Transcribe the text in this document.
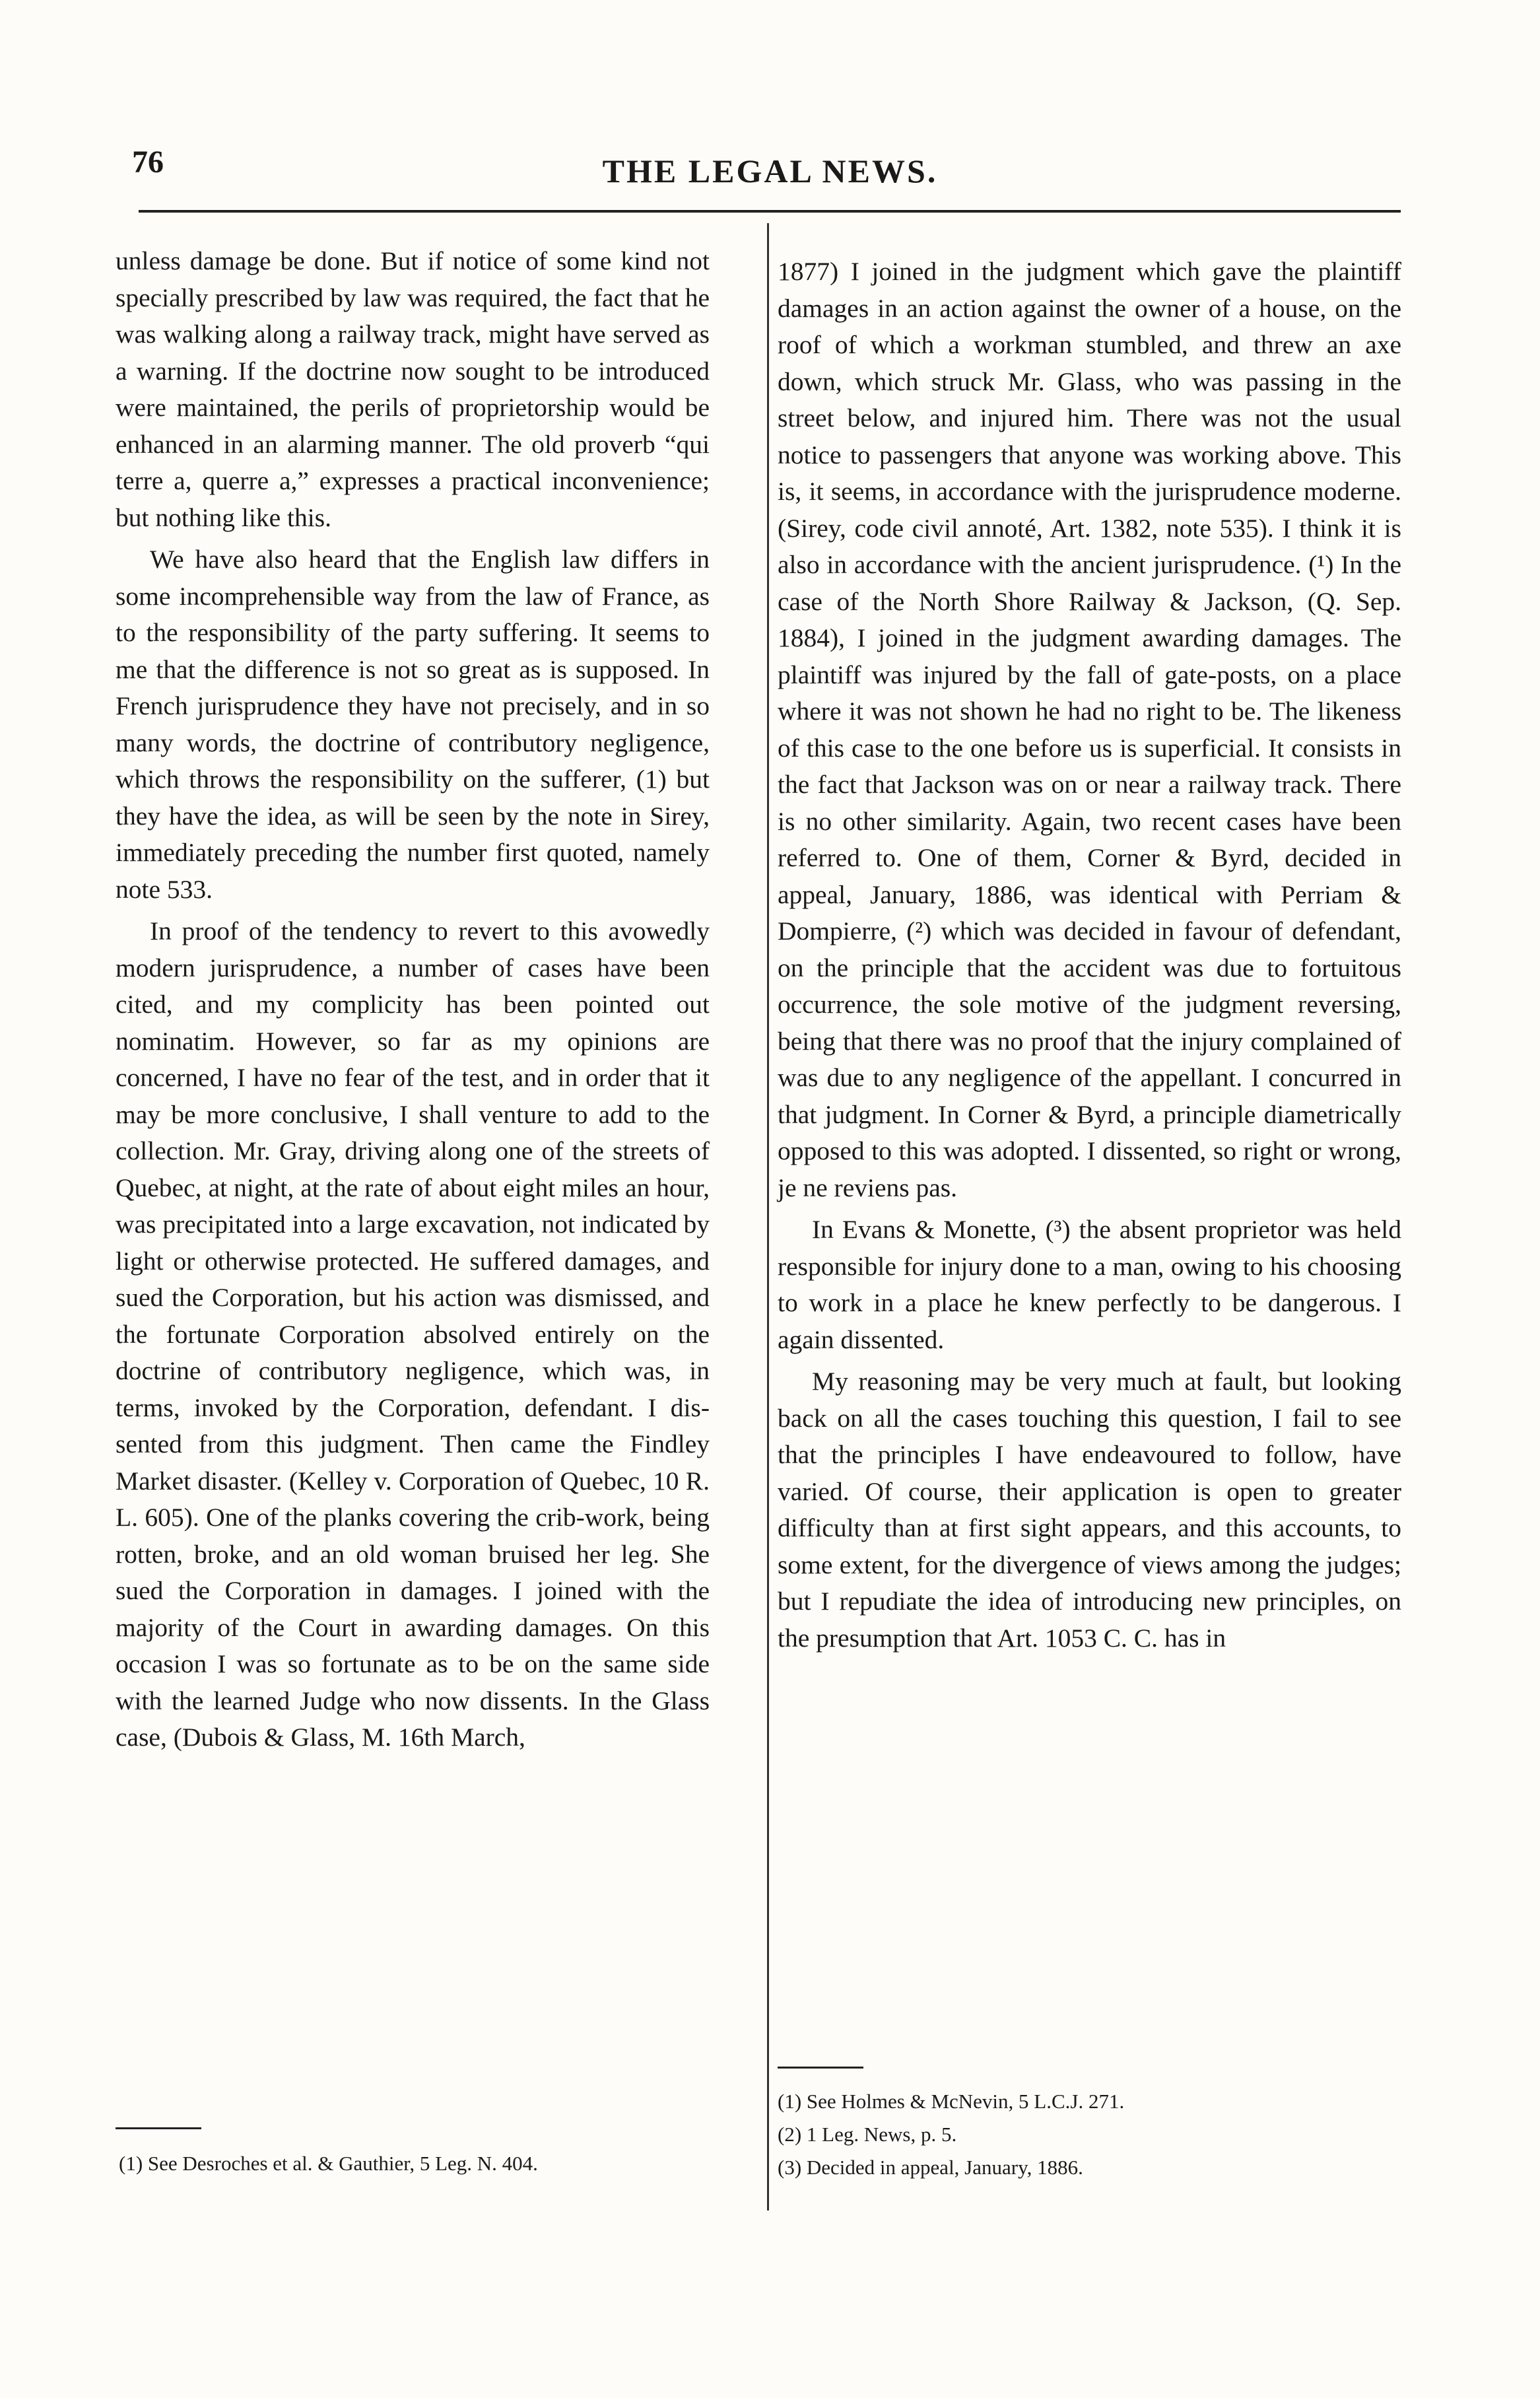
76	THE LEGAL NEWS.

unless damage be done. But if notice of some kind not specially prescribed by law was required, the fact that he was walking along a railway track, might have served as a warning. If the doctrine now sought to be introduced were maintained, the perils of proprietorship would be enhanced in an alarming manner. The old proverb “qui terre a, querre a,” expresses a practical inconvenience; but nothing like this.

We have also heard that the English law differs in some incomprehensible way from the law of France, as to the responsibility of the party suffering. It seems to me that the difference is not so great as is supposed. In French jurisprudence they have not precisely, and in so many words, the doctrine of contributory negligence, which throws the responsibility on the sufferer, (1) but they have the idea, as will be seen by the note in Sirey, immediately preceding the number first quoted, namely note 533.

In proof of the tendency to revert to this avowedly modern jurisprudence, a number of cases have been cited, and my complicity has been pointed out nominatim. However, so far as my opinions are concerned, I have no fear of the test, and in order that it may be more conclusive, I shall venture to add to the collection. Mr. Gray, driving along one of the streets of Quebec, at night, at the rate of about eight miles an hour, was precipitated into a large excavation, not indicated by light or otherwise protected. He suffered damages, and sued the Corporation, but his action was dismissed, and the fortunate Corporation absolved entirely on the doctrine of contributory negligence, which was, in terms, invoked by the Corporation, defendant. I dissented from this judgment. Then came the Findley Market disaster. (Kelley v. Corporation of Quebec, 10 R. L. 605). One of the planks covering the crib-work, being rotten, broke, and an old woman bruised her leg. She sued the Corporation in damages. I joined with the majority of the Court in awarding damages. On this occasion I was so fortunate as to be on the same side with the learned Judge who now dissents. In the Glass case, (Dubois & Glass, M. 16th March,

1877) I joined in the judgment which gave the plaintiff damages in an action against the owner of a house, on the roof of which a workman stumbled, and threw an axe down, which struck Mr. Glass, who was passing in the street below, and injured him. There was not the usual notice to passengers that anyone was working above. This is, it seems, in accordance with the jurisprudence moderne. (Sirey, code civil annoté, Art. 1382, note 535). I think it is also in accordance with the ancient jurisprudence. (¹) In the case of the North Shore Railway & Jackson, (Q. Sep. 1884), I joined in the judgment awarding damages. The plaintiff was injured by the fall of gate-posts, on a place where it was not shown he had no right to be. The likeness of this case to the one before us is superficial. It consists in the fact that Jackson was on or near a railway track. There is no other similarity. Again, two recent cases have been referred to. One of them, Corner & Byrd, decided in appeal, January, 1886, was identical with Perriam & Dompierre, (²) which was decided in favour of defendant, on the principle that the accident was due to fortuitous occurrence, the sole motive of the judgment reversing, being that there was no proof that the injury complained of was due to any negligence of the appellant. I concurred in that judgment. In Corner & Byrd, a principle diametrically opposed to this was adopted. I dissented, so right or wrong, je ne reviens pas.

In Evans & Monette, (³) the absent proprietor was held responsible for injury done to a man, owing to his choosing to work in a place he knew perfectly to be dangerous. I again dissented.

My reasoning may be very much at fault, but looking back on all the cases touching this question, I fail to see that the principles I have endeavoured to follow, have varied. Of course, their application is open to greater difficulty than at first sight appears, and this accounts, to some extent, for the divergence of views among the judges; but I repudiate the idea of introducing new principles, on the presumption that Art. 1053 C. C. has in

(1) See Desroches et al. & Gauthier, 5 Leg. N. 404.
(1) See Holmes & McNevin, 5 L.C.J. 271.
(2) 1 Leg. News, p. 5.
(3) Decided in appeal, January, 1886.
